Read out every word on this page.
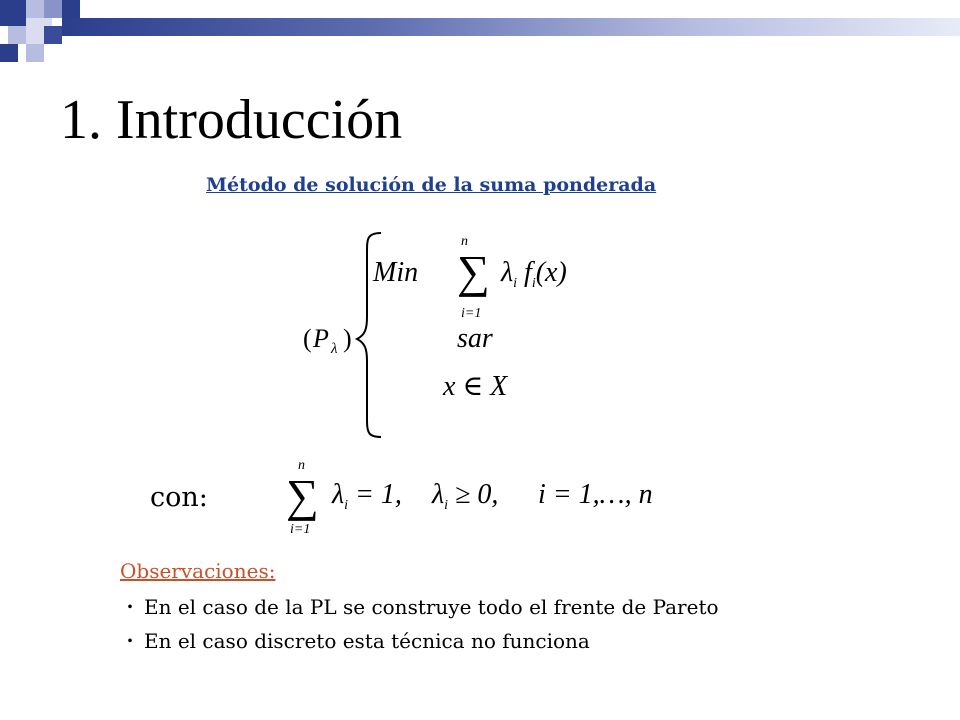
1. Introducción
Método de solución de la suma ponderada
( P λ )
Min
n
∑
i=1
$\lambda_i$ $f_i(x)$
sar
x ∈ X
con:
n
∑
i=1
$\lambda_i = 1$, $\lambda_i \ge 0$, i = 1,…, n
Observaciones:
・ En el caso de la PL se construye todo el frente de Pareto
・ En el caso discreto esta técnica no funciona
